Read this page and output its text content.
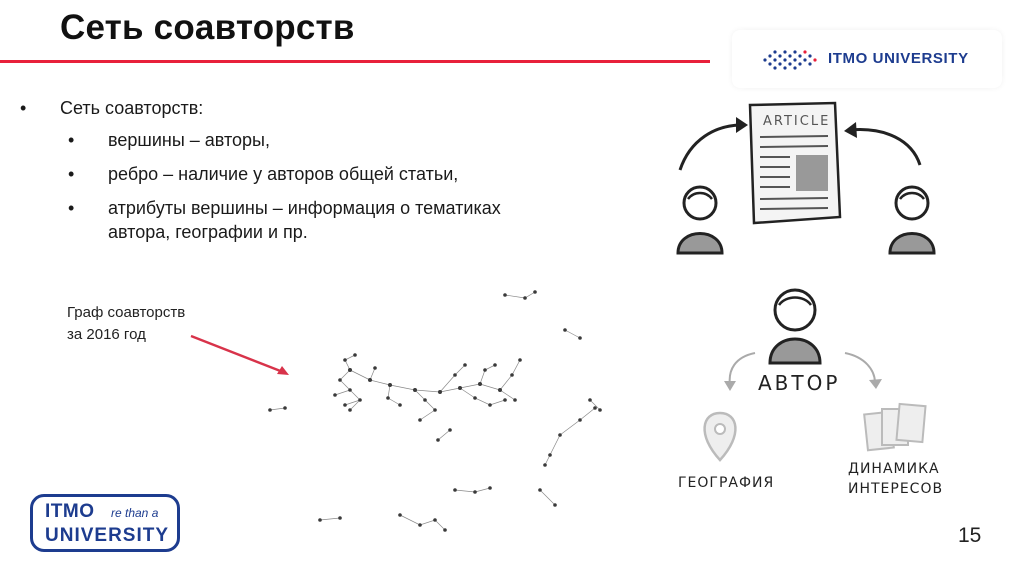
Сеть соавторств
ITMO UNIVERSITY
• Сеть соавторств:
• вершины – авторы,
• ребро – наличие у авторов общей статьи,
• атрибуты вершины – информация о тематиках
автора, географии и пр.
Граф соавторств
за 2016 год
ARTICLE
АВТОР
ГЕОГРАФИЯ
ДИНАМИКА
ИНТЕРЕСОВ
ITMO re than a
UNIVERSITY	15
